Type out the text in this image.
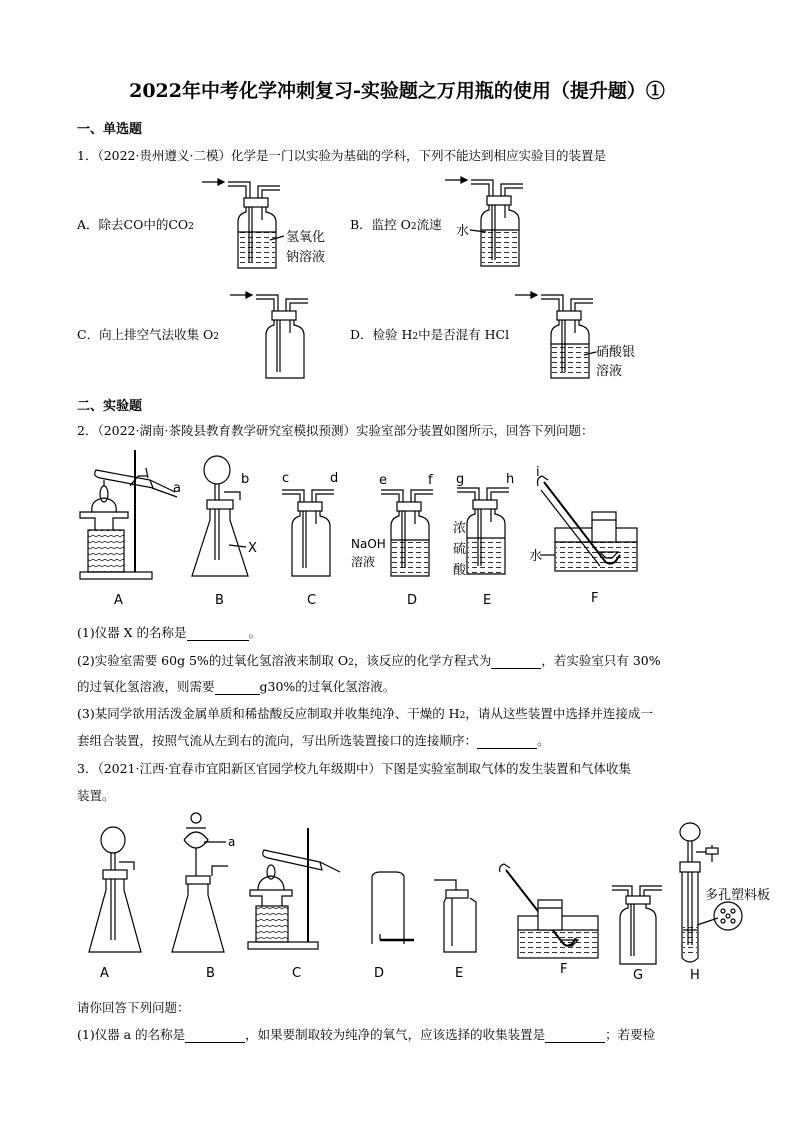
2022年中考化学冲刺复习-实验题之万用瓶的使用（提升题）①
一、单选题
1．（2022·贵州遵义·二模）化学是一门以实验为基础的学科，下列不能达到相应实验目的装置是
A．除去CO中的CO2	B．监控 O2流速
C．向上排空气法收集 O2	D．检验 H2中是否混有 HCl
二、实验题
2．（2022·湖南·茶陵县教育教学研究室模拟预测）实验室部分装置如图所示，回答下列问题：
(1)仪器 X 的名称是	。
(2)实验室需要 60g 5%的过氧化氢溶液来制取 O2，该反应的化学方程式为	，若实验室只有 30%
的过氧化氢溶液，则需要	g30%的过氧化氢溶液。
(3)某同学欲用活泼金属单质和稀盐酸反应制取并收集纯净、干燥的 H2，请从这些装置中选择并连接成一
套组合装置，按照气流从左到右的流向，写出所选装置接口的连接顺序：	。
3．（2021·江西·宜春市宜阳新区官园学校九年级期中）下图是实验室制取气体的发生装置和气体收集
装置。
请你回答下列问题：
(1)仪器 a 的名称是	，如果要制取较为纯净的氧气，应该选择的收集装置是	；若要检
氢氧化
钠溶液
水
硝酸银
溶液
a
b
X
c	d	e	f
NaOH
溶液
g	h
浓
硫
酸
i
水
A	B	C	D	E	F
a
多孔塑料板
A	B	C	D	E	F	G	H
